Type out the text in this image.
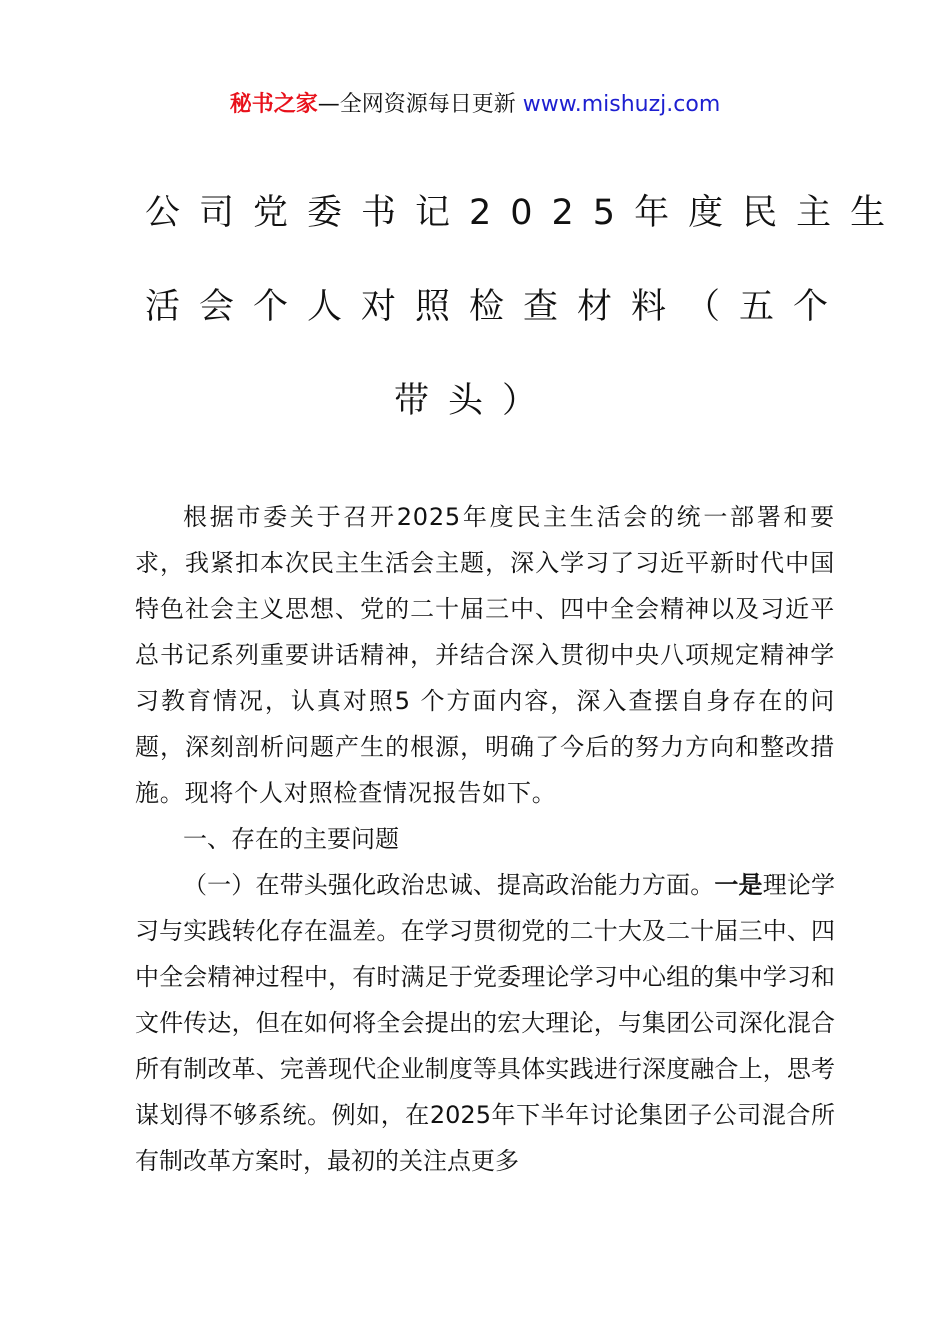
秘书之家—全网资源每日更新 www.mishuzj.com
公司党委书记2025年度民主生
活会个人对照检查材料（五个
带头）

根据市委关于召开2025年度民主生活会的统一部署和要求，我紧扣本次民主生活会主题，深入学习了习近平新时代中国特色社会主义思想、党的二十届三中、四中全会精神以及习近平总书记系列重要讲话精神，并结合深入贯彻中央八项规定精神学习教育情况，认真对照5 个方面内容，深入查摆自身存在的问题，深刻剖析问题产生的根源，明确了今后的努力方向和整改措施。现将个人对照检查情况报告如下。

一、存在的主要问题

（一）在带头强化政治忠诚、提高政治能力方面。一是理论学习与实践转化存在温差。在学习贯彻党的二十大及二十届三中、四中全会精神过程中，有时满足于党委理论学习中心组的集中学习和文件传达，但在如何将全会提出的宏大理论，与集团公司深化混合所有制改革、完善现代企业制度等具体实践进行深度融合上，思考谋划得不够系统。例如，在2025年下半年讨论集团子公司混合所有制改革方案时，最初的关注点更多
